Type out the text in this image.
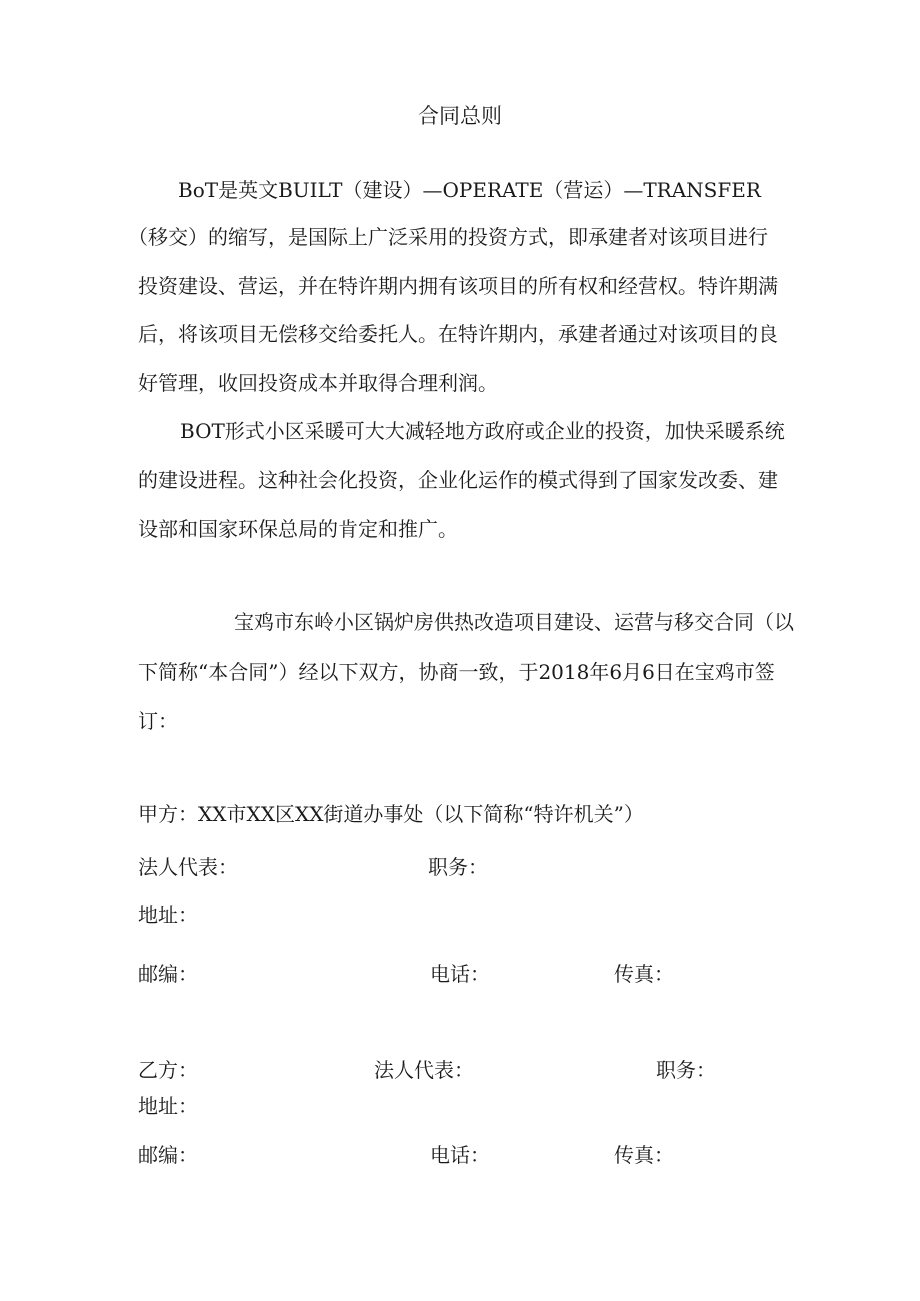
合同总则
BoT是英文BUILT（建设）—OPERATE（营运）—TRANSFER
（移交）的缩写，是国际上广泛采用的投资方式，即承建者对该项目进行
投资建设、营运，并在特许期内拥有该项目的所有权和经营权。特许期满
后，将该项目无偿移交给委托人。在特许期内，承建者通过对该项目的良
好管理，收回投资成本并取得合理利润。
BOT形式小区采暖可大大减轻地方政府或企业的投资，加快采暖系统
的建设进程。这种社会化投资，企业化运作的模式得到了国家发改委、建
设部和国家环保总局的肯定和推广。
宝鸡市东岭小区锅炉房供热改造项目建设、运营与移交合同（以
下简称“本合同”）经以下双方，协商一致，于2018年6月6日在宝鸡市签
订：
甲方：XX市XX区XX街道办事处（以下简称“特许机关”）
法人代表：	职务：
地址：
邮编：	电话：	传真：
乙方：	法人代表：	职务：
地址：
邮编：	电话：	传真：
